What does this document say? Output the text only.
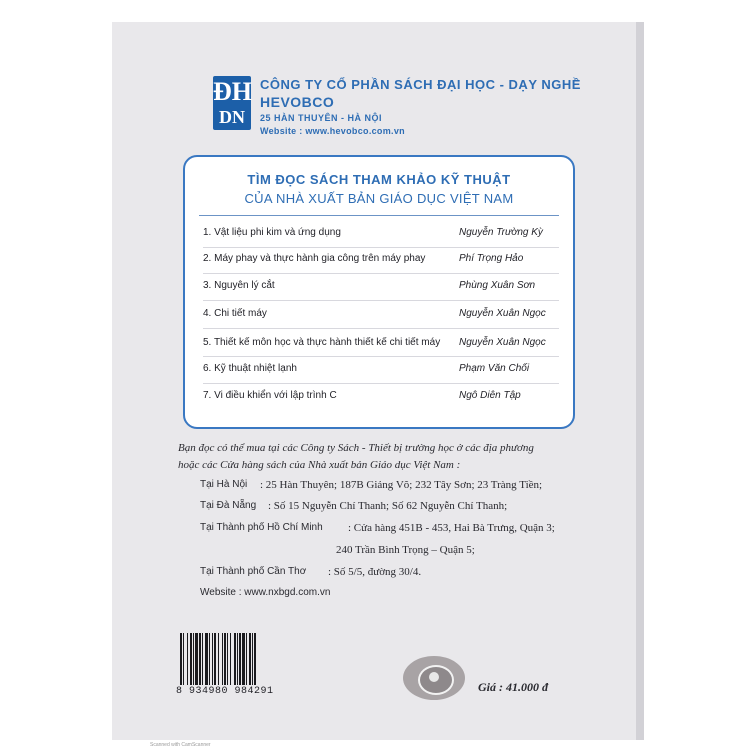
ĐH
DN
CÔNG TY CỔ PHẦN SÁCH ĐẠI HỌC - DẠY NGHỀ
HEVOBCO
25 HÀN THUYÊN - HÀ NỘI
Website : www.hevobco.com.vn
TÌM ĐỌC SÁCH THAM KHẢO KỸ THUẬT
CỦA NHÀ XUẤT BẢN GIÁO DỤC VIỆT NAM
1. Vật liệu phi kim và ứng dụng	Nguyễn Trường Kỳ
2. Máy phay và thực hành gia công trên máy phay	Phí Trọng Hảo
3. Nguyên lý cắt	Phùng Xuân Sơn
4. Chi tiết máy	Nguyễn Xuân Ngọc
5. Thiết kế môn học và thực hành thiết kế chi tiết máy Nguyễn Xuân Ngọc
6. Kỹ thuật nhiệt lạnh	Phạm Văn Chối
7. Vi điều khiển với lập trình C	Ngô Diên Tập
Bạn đọc có thể mua tại các Công ty Sách - Thiết bị trường học ở các địa phương
hoặc các Cửa hàng sách của Nhà xuất bản Giáo dục Việt Nam :
Tại Hà Nội : 25 Hàn Thuyên; 187B Giảng Võ; 232 Tây Sơn; 23 Tràng Tiền;
Tại Đà Nẵng : Số 15 Nguyễn Chí Thanh; Số 62 Nguyễn Chí Thanh;
Tại Thành phố Hồ Chí Minh : Cửa hàng 451B - 453, Hai Bà Trưng, Quận 3;
240 Trần Bình Trọng – Quận 5;
Tại Thành phố Cần Thơ : Số 5/5, đường 30/4.
Website : www.nxbgd.com.vn
8 934980 984291	Giá : 41.000 đ
Scanned with CamScanner
